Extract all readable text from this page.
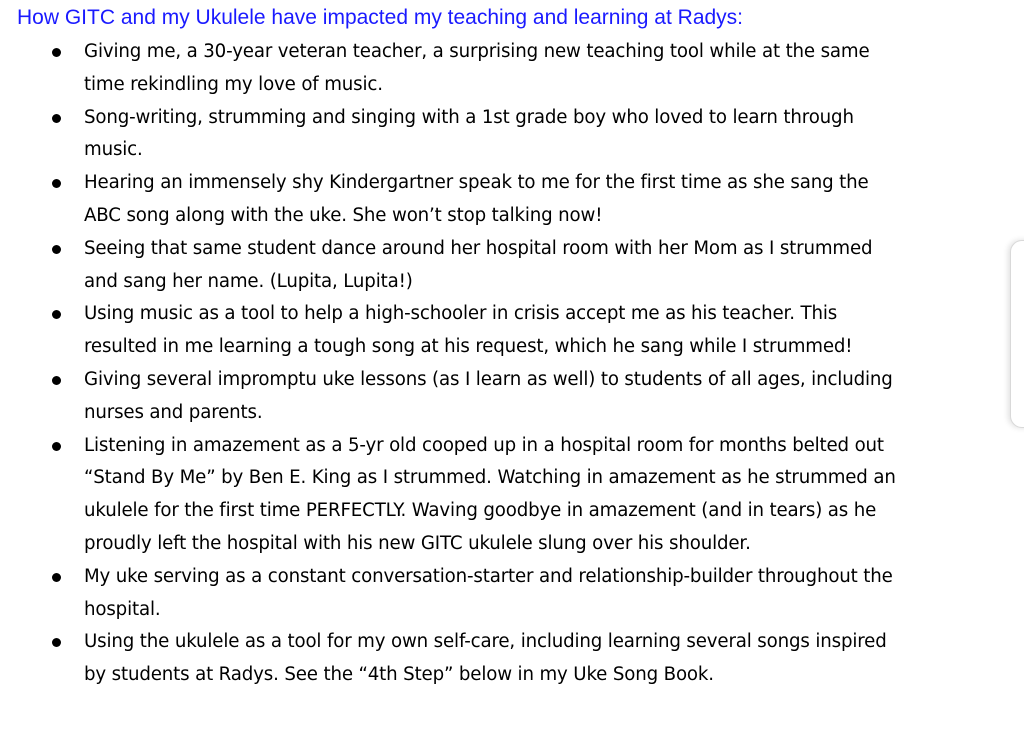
How GITC and my Ukulele have impacted my teaching and learning at Radys:
Giving me, a 30-year veteran teacher, a surprising new teaching tool while at the same time rekindling my love of music.
Song-writing, strumming and singing with a 1st grade boy who loved to learn through music.
Hearing an immensely shy Kindergartner speak to me for the first time as she sang the ABC song along with the uke. She won’t stop talking now!
Seeing that same student dance around her hospital room with her Mom as I strummed and sang her name. (Lupita, Lupita!)
Using music as a tool to help a high-schooler in crisis accept me as his teacher. This resulted in me learning a tough song at his request, which he sang while I strummed!
Giving several impromptu uke lessons (as I learn as well) to students of all ages, including nurses and parents.
Listening in amazement as a 5-yr old cooped up in a hospital room for months belted out “Stand By Me” by Ben E. King as I strummed. Watching in amazement as he strummed an ukulele for the first time PERFECTLY. Waving goodbye in amazement (and in tears) as he proudly left the hospital with his new GITC ukulele slung over his shoulder.
My uke serving as a constant conversation-starter and relationship-builder throughout the hospital.
Using the ukulele as a tool for my own self-care, including learning several songs inspired by students at Radys. See the “4th Step” below in my Uke Song Book.
